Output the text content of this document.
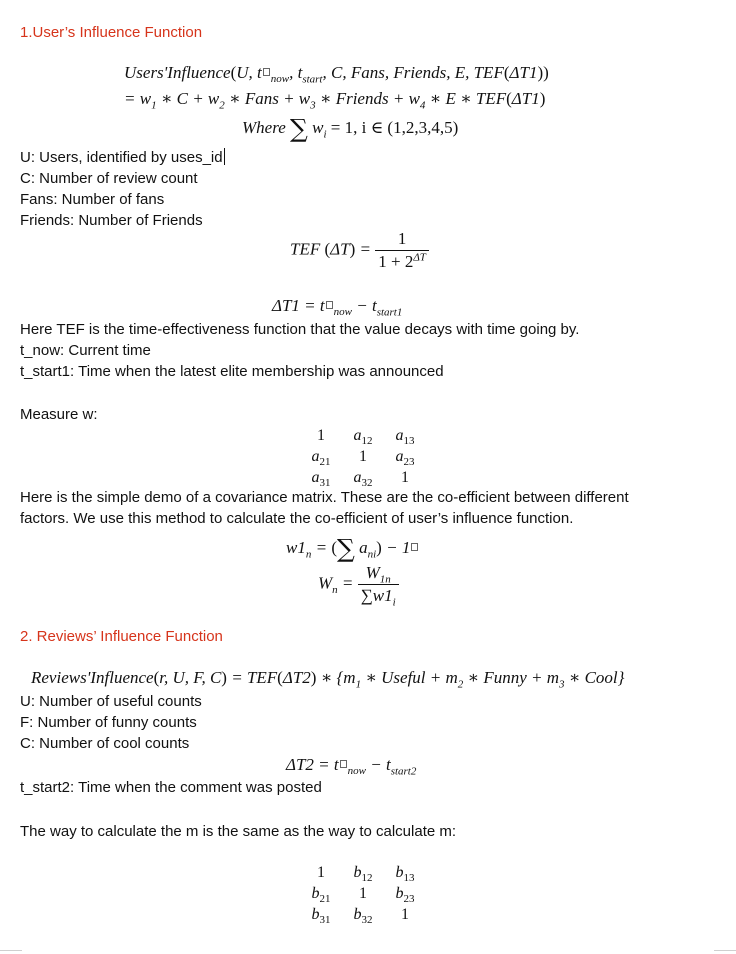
1.User’s Influence Function
Users'Influence(U, t $_{now}$, $t_{start}$, C, Fans, Friends, E, TEF(ΔT1))
= $w_1$ ∗ $C + w_2$ ∗ Fans + $w_3$ ∗ Friends + $w_4$ ∗ E ∗ TEF(ΔT1)
Where ∑ $w_i = 1$, i ∈ (1,2,3,4,5)
U: Users, identified by uses_id
C: Number of review count
Fans: Number of fans
Friends: Number of Friends
TEF $(\Delta T) = \frac{1}{1 + 2^{\Delta T}}$
ΔT1 = t $_{now} - t_{start1}$
Here TEF is the time-effectiveness function that the value decays with time going by.
t_now: Current time
t_start1: Time when the latest elite membership was announced
Measure w:
1	$a_{12}$	$a_{13}$
$a_{21}$	1	$a_{23}$
$a_{31}$	$a_{32}$	1
Here is the simple demo of a covariance matrix. These are the co-efficient between different
factors. We use this method to calculate the co-efficient of user’s influence function.
$w1_n$ = (∑ $a_{ni}) - 1$
$W_n = \frac{W_{1n}}{\sum w1_i}$
2. Reviews’ Influence Function
Reviews'Influence(r, U, F, C) = TEF(ΔT2) ∗ {$m_1$ ∗ Useful + $m_2$ ∗ Funny + $m_3$ ∗ Cool}
U: Number of useful counts
F: Number of funny counts
C: Number of cool counts
ΔT2 = t $_{now} - t_{start2}$
t_start2: Time when the comment was posted
The way to calculate the m is the same as the way to calculate m:
1	$b_{12}$	$b_{13}$
$b_{21}$	1	$b_{23}$
$b_{31}$	$b_{32}$	1
